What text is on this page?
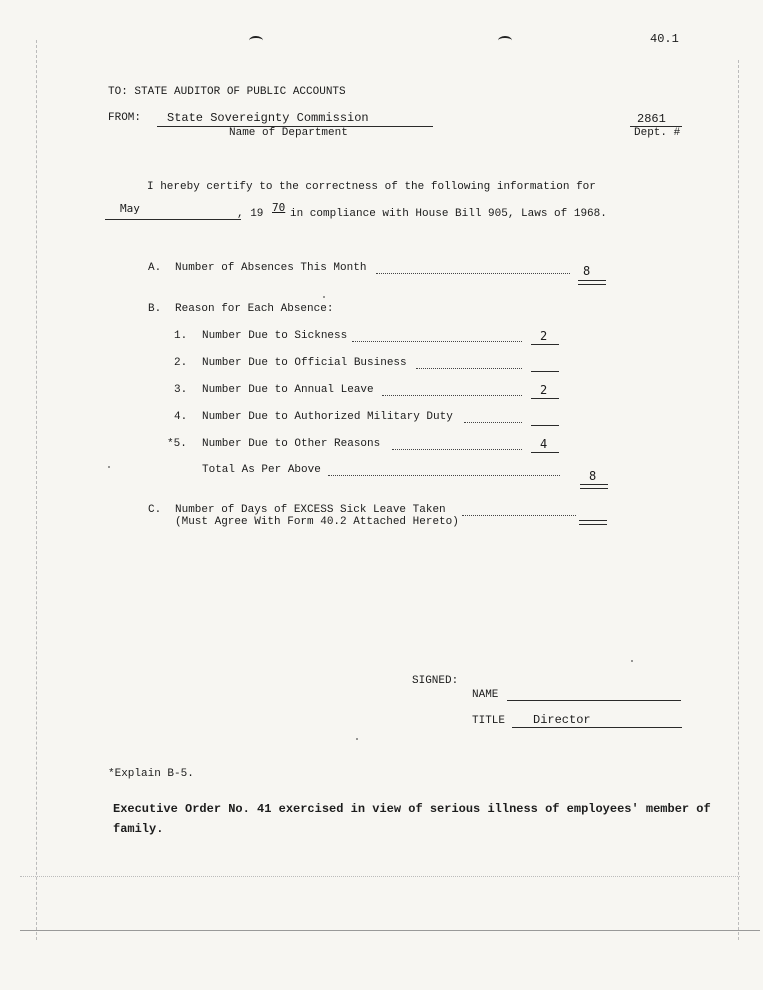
40.1
TO: STATE AUDITOR OF PUBLIC ACCOUNTS
FROM: State Sovereignty Commission
Name of Department
2861
Dept. #
I hereby certify to the correctness of the following information for
May	, 19 70 in compliance with House Bill 905, Laws of 1968.
A. Number of Absences This Month	8
B. Reason for Each Absence:
1. Number Due to Sickness	2
2. Number Due to Official Business
3. Number Due to Annual Leave	2
4. Number Due to Authorized Military Duty
*5. Number Due to Other Reasons	4
Total As Per Above	8
C. Number of Days of EXCESS Sick Leave Taken
(Must Agree With Form 40.2 Attached Hereto)
SIGNED:
NAME
TITLE Director
*Explain B-5.
Executive Order No. 41 exercised in view of serious illness of employees' member of
family.
